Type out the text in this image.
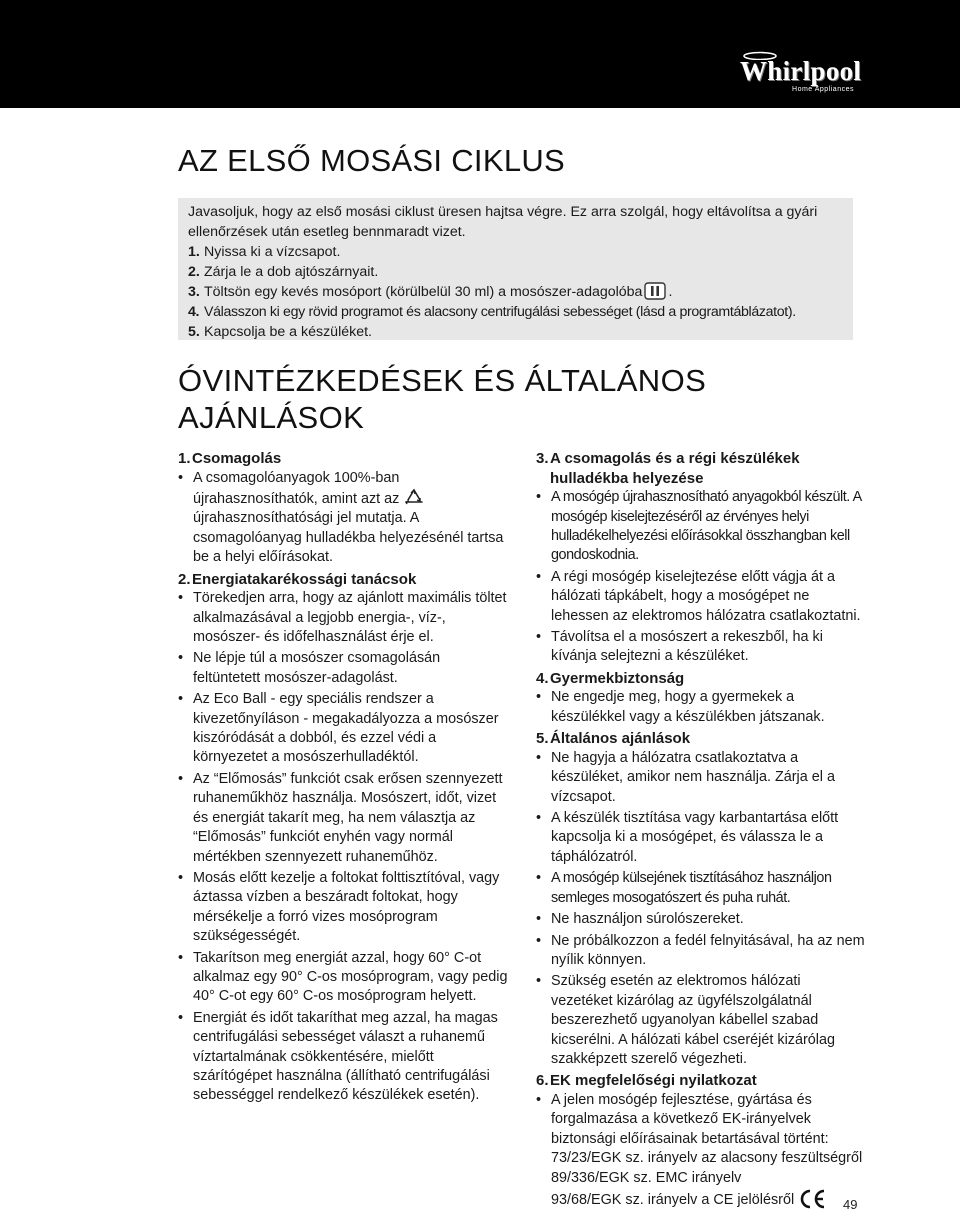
Whirlpool
Home Appliances
AZ ELSŐ MOSÁSI CIKLUS

Javasoljuk, hogy az első mosási ciklust üresen hajtsa végre. Ez arra szolgál, hogy eltávolítsa a gyári ellenőrzések után esetleg bennmaradt vizet.

1. Nyissa ki a vízcsapot.
2. Zárja le a dob ajtószárnyait.
3. Töltsön egy kevés mosóport (körülbelül 30 ml) a mosószer-adagolóba .
4. Válasszon ki egy rövid programot és alacsony centrifugálási sebességet (lásd a programtáblázatot).
5. Kapcsolja be a készüléket.
ÓVINTÉZKEDÉSEK ÉS ÁLTALÁNOS
AJÁNLÁSOK
1. Csomagolás
• A csomagolóanyagok 100%-ban újrahasznosíthatók, amint azt az  újrahasznosíthatósági jel mutatja. A csomagolóanyag hulladékba helyezésénél tartsa be a helyi előírásokat.
2. Energiatakarékossági tanácsok
• Törekedjen arra, hogy az ajánlott maximális töltet alkalmazásával a legjobb energia-, víz-, mosószer- és időfelhasználást érje el.
• Ne lépje túl a mosószer csomagolásán feltüntetett mosószer-adagolást.
• Az Eco Ball - egy speciális rendszer a kivezetőnyíláson - megakadályozza a mosószer kiszóródását a dobból, és ezzel védi a környezetet a mosószerhulladéktól.
• Az “Előmosás” funkciót csak erősen szennyezett ruhaneműkhöz használja. Mosószert, időt, vizet és energiát takarít meg, ha nem választja az “Előmosás” funkciót enyhén vagy normál mértékben szennyezett ruhaneműhöz.
• Mosás előtt kezelje a foltokat folttisztítóval, vagy áztassa vízben a beszáradt foltokat, hogy mérsékelje a forró vizes mosóprogram szükségességét.
• Takarítson meg energiát azzal, hogy 60° C-ot alkalmaz egy 90° C-os mosóprogram, vagy pedig 40° C-ot egy 60° C-os mosóprogram helyett.
• Energiát és időt takaríthat meg azzal, ha magas centrifugálási sebességet választ a ruhanemű víztartalmának csökkentésére, mielőtt szárítógépet használna (állítható centrifugálási sebességgel rendelkező készülékek esetén).
3. A csomagolás és a régi készülékek hulladékba helyezése
• A mosógép újrahasznosítható anyagokból készült. A mosógép kiselejtezéséről az érvényes helyi hulladékelhelyezési előírásokkal összhangban kell gondoskodnia.
• A régi mosógép kiselejtezése előtt vágja át a hálózati tápkábelt, hogy a mosógépet ne lehessen az elektromos hálózatra csatlakoztatni.
• Távolítsa el a mosószert a rekeszből, ha ki kívánja selejtezni a készüléket.
4. Gyermekbiztonság
• Ne engedje meg, hogy a gyermekek a készülékkel vagy a készülékben játszanak.
5. Általános ajánlások
• Ne hagyja a hálózatra csatlakoztatva a készüléket, amikor nem használja. Zárja el a vízcsapot.
• A készülék tisztítása vagy karbantartása előtt kapcsolja ki a mosógépet, és válassza le a táphálózatról.
• A mosógép külsejének tisztításához használjon semleges mosogatószert és puha ruhát.
• Ne használjon súrolószereket.
• Ne próbálkozzon a fedél felnyitásával, ha az nem nyílik könnyen.
• Szükség esetén az elektromos hálózati vezetéket kizárólag az ügyfélszolgálatnál beszerezhető ugyanolyan kábellel szabad kicserélni. A hálózati kábel cseréjét kizárólag szakképzett szerelő végezheti.
6. EK megfelelőségi nyilatkozat
• A jelen mosógép fejlesztése, gyártása és forgalmazása a következő EK-irányelvek biztonsági előírásainak betartásával történt:
73/23/EGK sz. irányelv az alacsony feszültségről
89/336/EGK sz. EMC irányelv
93/68/EGK sz. irányelv a CE jelölésről	49
